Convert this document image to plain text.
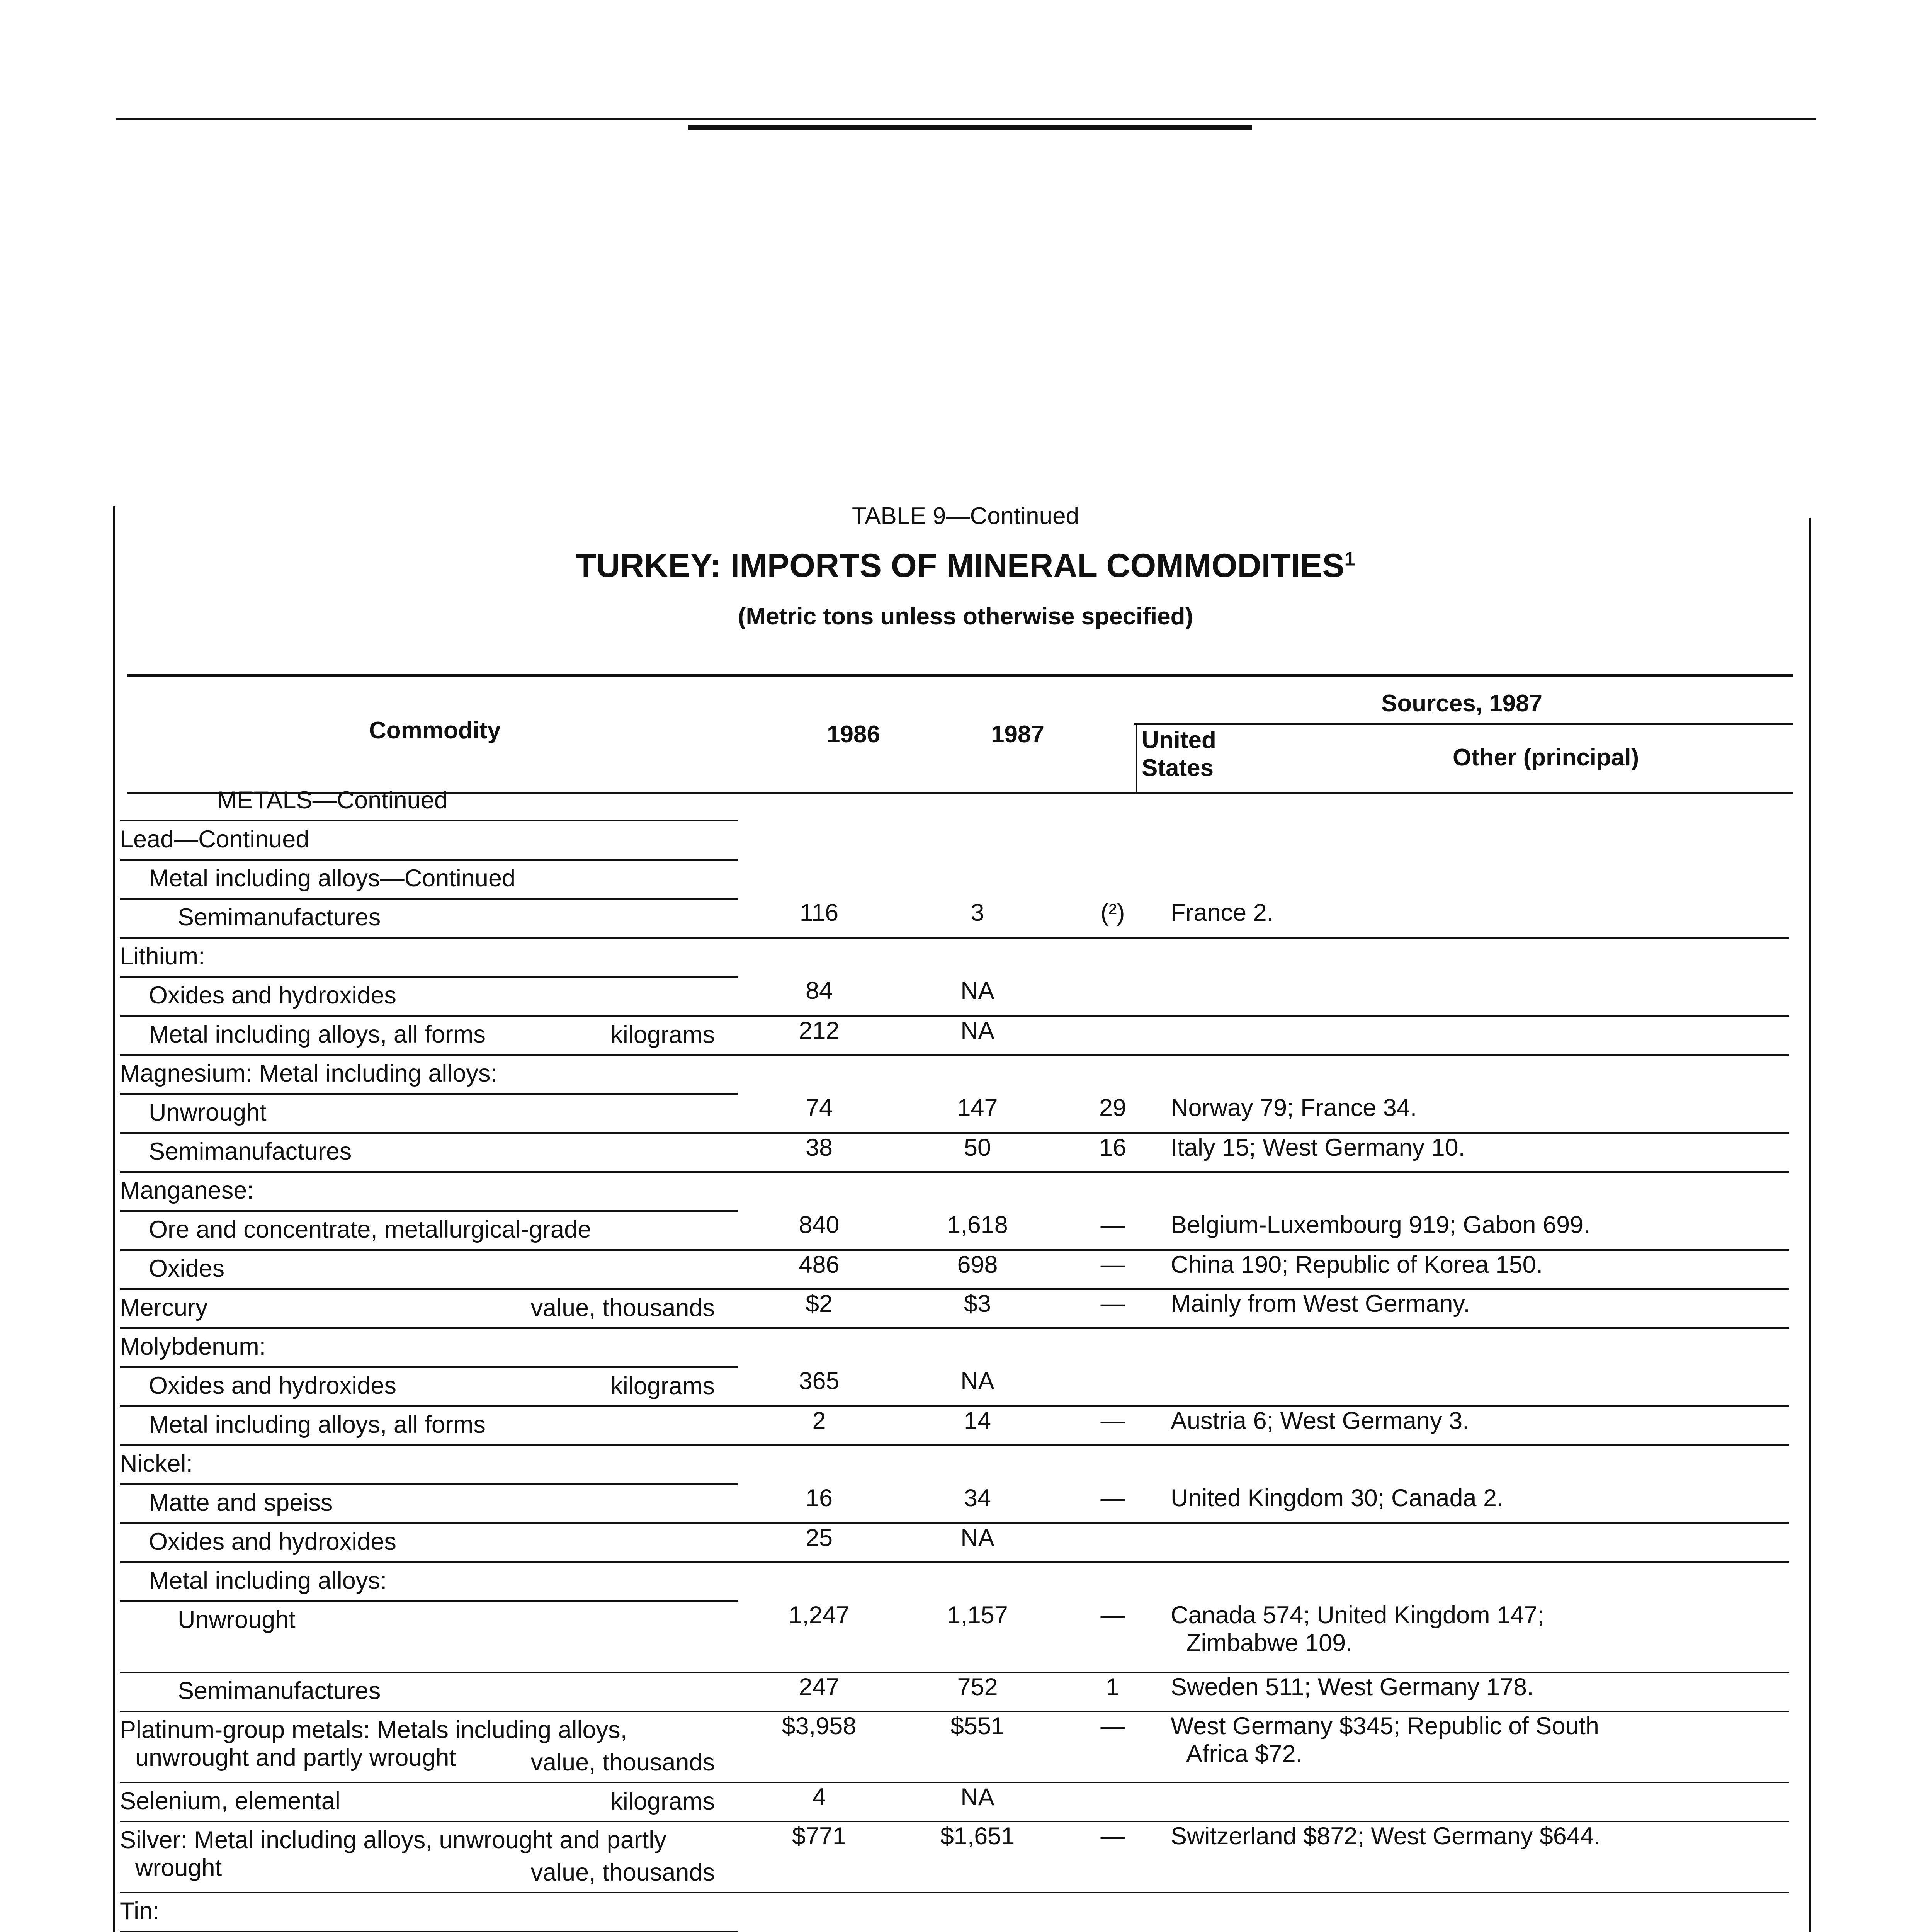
TABLE 9—Continued
TURKEY: IMPORTS OF MINERAL COMMODITIES$^1$
(Metric tons unless otherwise specified)
Commodity	1986	1987
Sources, 1987
United
States	Other (principal)
METALS—Continued				

Lead—Continued				

Metal including alloys—Continued				

Semimanufactures	116	3	(²)	France 2.

Lithium:				

Oxides and hydroxides	84	NA		

Metal including alloys, all forms kilograms	212	NA		

Magnesium: Metal including alloys:				

Unwrought	74	147	29	Norway 79; France 34.

Semimanufactures	38	50	16	Italy 15; West Germany 10.

Manganese:				

Ore and concentrate, metallurgical-grade	840	1,618	—	Belgium-Luxembourg 919; Gabon 699.

Oxides	486	698	—	China 190; Republic of Korea 150.

Mercury value, thousands	$2	$3	—	Mainly from West Germany.

Molybdenum:				

Oxides and hydroxides kilograms	365	NA		

Metal including alloys, all forms	2	14	—	Austria 6; West Germany 3.

Nickel:				

Matte and speiss	16	34	—	United Kingdom 30; Canada 2.

Oxides and hydroxides	25	NA		

Metal including alloys:				

Unwrought	1,247	1,157	—	Canada 574; United Kingdom 147;
Zimbabwe 109.

Semimanufactures	247	752	1	Sweden 511; West Germany 178.

Platinum-group metals: Metals including alloys,
unwrought and partly wrought value, thousands	$3,958	$551	—	West Germany $345; Republic of South
Africa $72.

Selenium, elemental kilograms	4	NA		

Silver: Metal including alloys, unwrought and partly
wrought value, thousands	$771	$1,651	—	Switzerland $872; West Germany $644.

Tin:				
